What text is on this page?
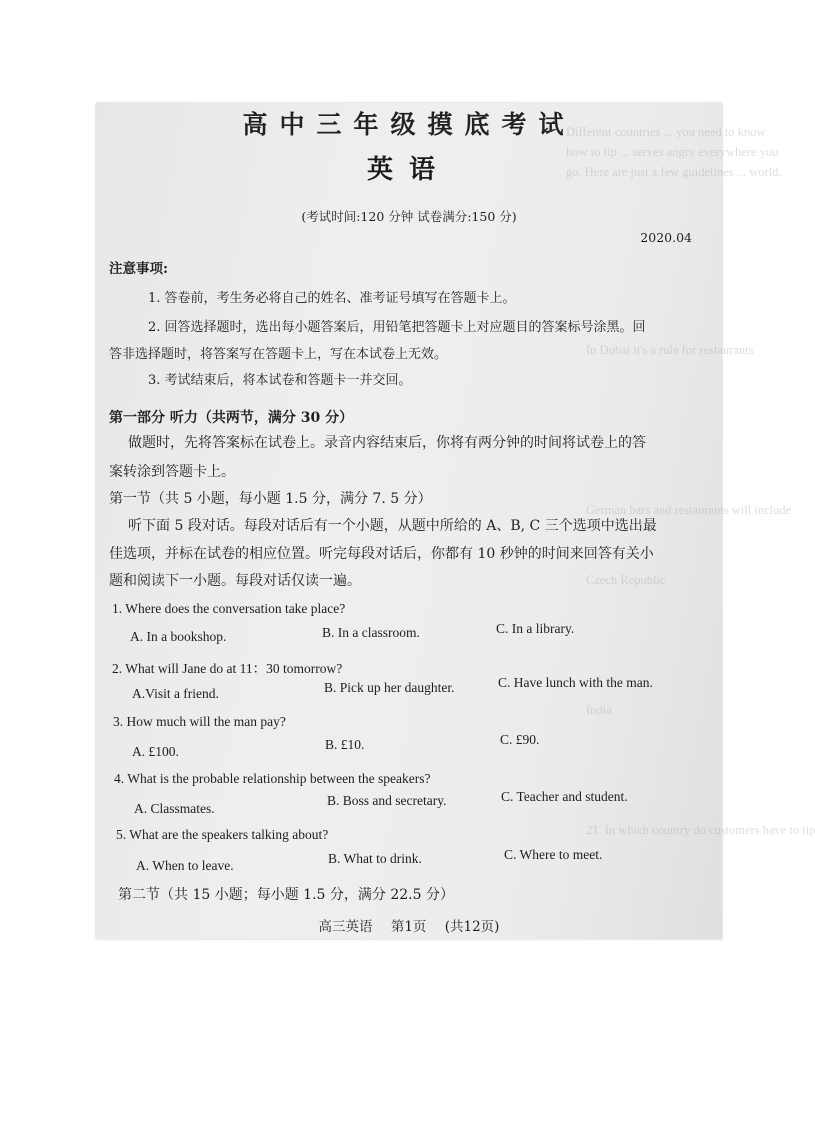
Different countries ... you need to know
how to tip ... serves angry everywhere you
go. Here are just a few guidelines ... world.
In Dubai it's a rule for restaurants
German bars and restaurants will include
Czech Republic
India
21. In which country do customers have to tip
高中三年级摸底考试
英语
(考试时间:120 分钟 试卷满分:150 分)
2020.04
注意事项:
1. 答卷前，考生务必将自己的姓名、准考证号填写在答题卡上。
2. 回答选择题时，选出每小题答案后，用铅笔把答题卡上对应题目的答案标号涂黑。回
答非选择题时，将答案写在答题卡上，写在本试卷上无效。
3. 考试结束后，将本试卷和答题卡一并交回。
第一部分 听力（共两节，满分 30 分）
做题时，先将答案标在试卷上。录音内容结束后，你将有两分钟的时间将试卷上的答
案转涂到答题卡上。
第一节（共 5 小题，每小题 1.5 分，满分 7. 5 分）
听下面 5 段对话。每段对话后有一个小题，从题中所给的 A、B, C 三个选项中选出最
佳选项，并标在试卷的相应位置。听完每段对话后，你都有 10 秒钟的时间来回答有关小
题和阅读下一小题。每段对话仅读一遍。
1. Where does the conversation take place?
A. In a bookshop.	B. In a classroom.	C. In a library.
2. What will Jane do at 11：30 tomorrow?
A.Visit a friend.	B. Pick up her daughter.	C. Have lunch with the man.
3. How much will the man pay?
A. £100.	B. £10.	C. £90.
4. What is the probable relationship between the speakers?
A. Classmates.
B. Boss and secretary.	C. Teacher and student.
5. What are the speakers talking about?
A. When to leave.	B. What to drink.	C. Where to meet.
第二节（共 15 小题；每小题 1.5 分，满分 22.5 分）
高三英语 第1页 (共12页)
